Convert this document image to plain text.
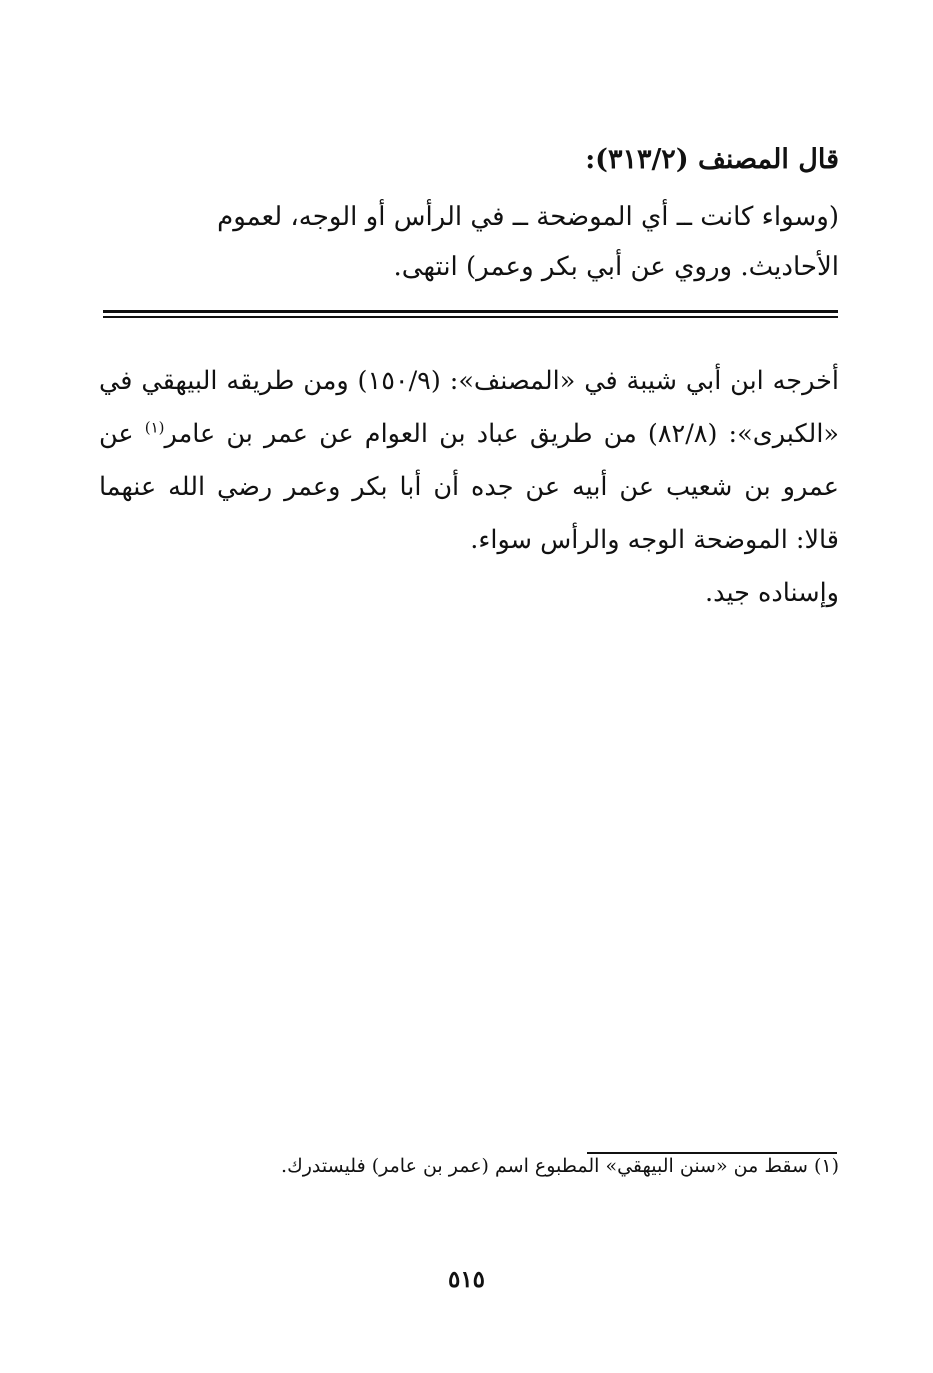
قال المصنف (٣١٣/٢):

(وسواء كانت ــ أي الموضحة ــ في الرأس أو الوجه، لعموم

الأحاديث. وروي عن أبي بكر وعمر) انتهى.

أخرجه ابن أبي شيبة في «المصنف»: (١٥٠/٩) ومن طريقه البيهقي في «الكبرى»: (٨٢/٨) من طريق عباد بن العوام عن عمر بن عامر$^{(١)}$ عن عمرو بن شعيب عن أبيه عن جده أن أبا بكر وعمر رضي الله عنهما قالا: الموضحة الوجه والرأس سواء.

وإسناده جيد.

(١) سقط من «سنن البيهقي» المطبوع اسم (عمر بن عامر) فليستدرك.
٥١٥
